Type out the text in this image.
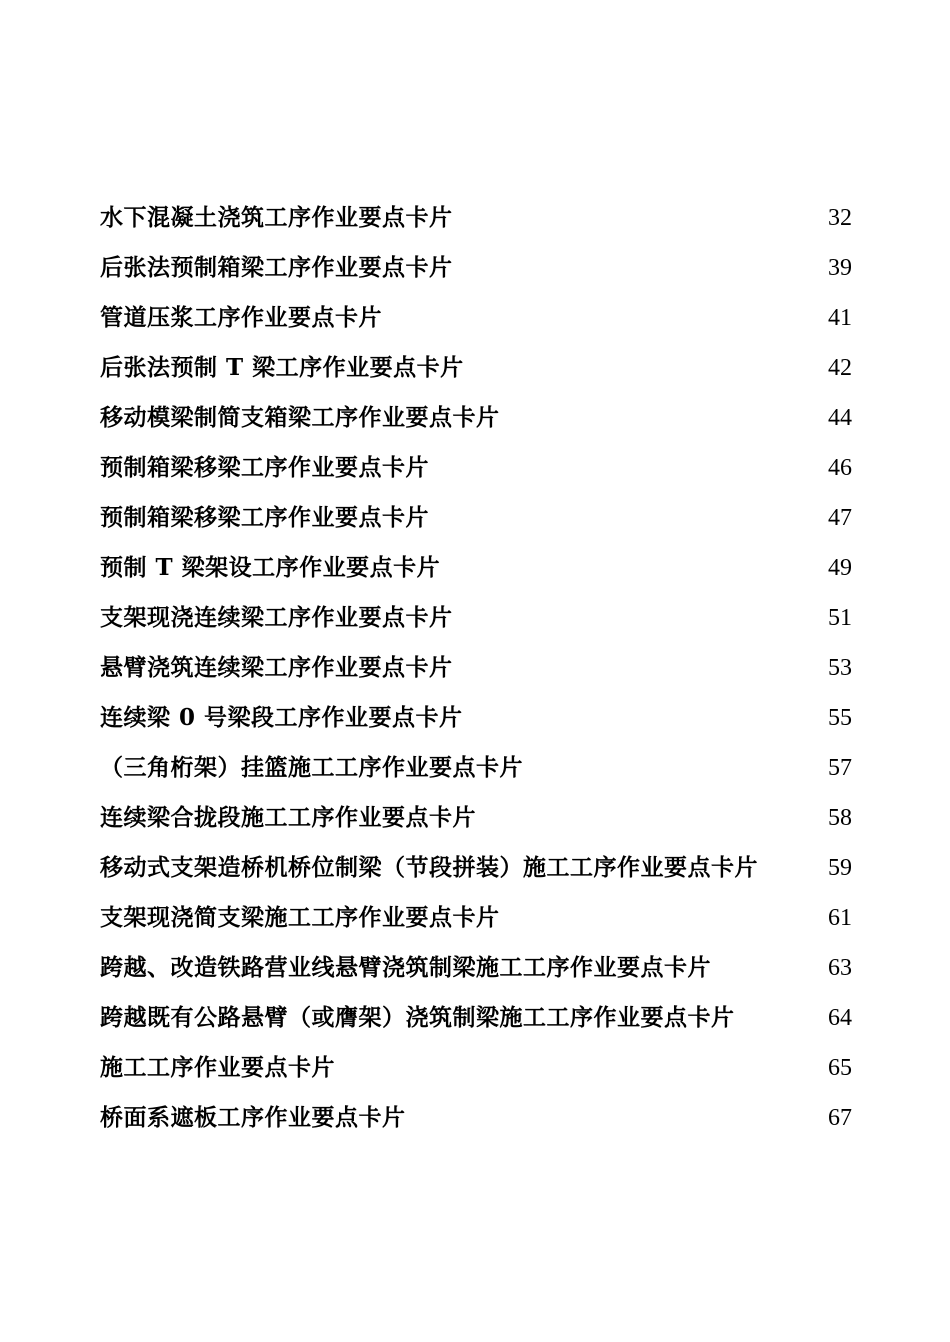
水下混凝土浇筑工序作业要点卡片	32
后张法预制箱梁工序作业要点卡片	39
管道压浆工序作业要点卡片	41
后张法预制 T 梁工序作业要点卡片	42
移动模梁制简支箱梁工序作业要点卡片	44
预制箱梁移梁工序作业要点卡片	46
预制箱梁移梁工序作业要点卡片	47
预制 T 梁架设工序作业要点卡片	49
支架现浇连续梁工序作业要点卡片	51
悬臂浇筑连续梁工序作业要点卡片	53
连续梁 0 号梁段工序作业要点卡片	55
（三角桁架）挂篮施工工序作业要点卡片	57
连续梁合拢段施工工序作业要点卡片	58
移动式支架造桥机桥位制梁（节段拼装）施工工序作业要点卡片	59
支架现浇简支梁施工工序作业要点卡片	61
跨越、改造铁路营业线悬臂浇筑制梁施工工序作业要点卡片	63
跨越既有公路悬臂（或膺架）浇筑制梁施工工序作业要点卡片	64
施工工序作业要点卡片	65
桥面系遮板工序作业要点卡片	67
